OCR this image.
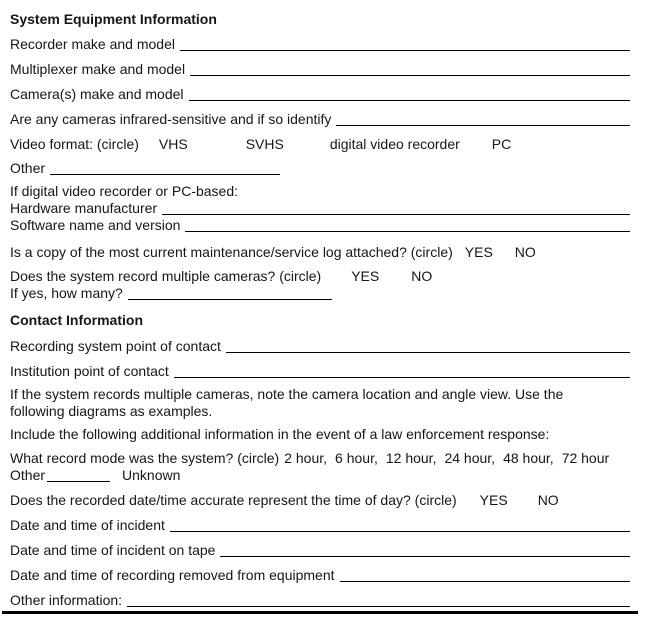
System Equipment Information
Recorder make and model
Multiplexer make and model
Camera(s) make and model
Are any cameras infrared-sensitive and if so identify
Video format: (circle) VHS	SVHS	digital video recorder PC
Other
If digital video recorder or PC-based:
Hardware manufacturer
Software name and version
Is a copy of the most current maintenance/service log attached? (circle) YES NO
Does the system record multiple cameras? (circle) YES NO
If yes, how many?
Contact Information
Recording system point of contact
Institution point of contact
If the system records multiple cameras, note the camera location and angle view. Use the following diagrams as examples.
Include the following additional information in the event of a law enforcement response:
What record mode was the system? (circle) 2 hour, 6 hour, 12 hour, 24 hour, 48 hour, 72 hour
Other	Unknown
Does the recorded date/time accurate represent the time of day? (circle) YES NO
Date and time of incident
Date and time of incident on tape
Date and time of recording removed from equipment
Other information:
